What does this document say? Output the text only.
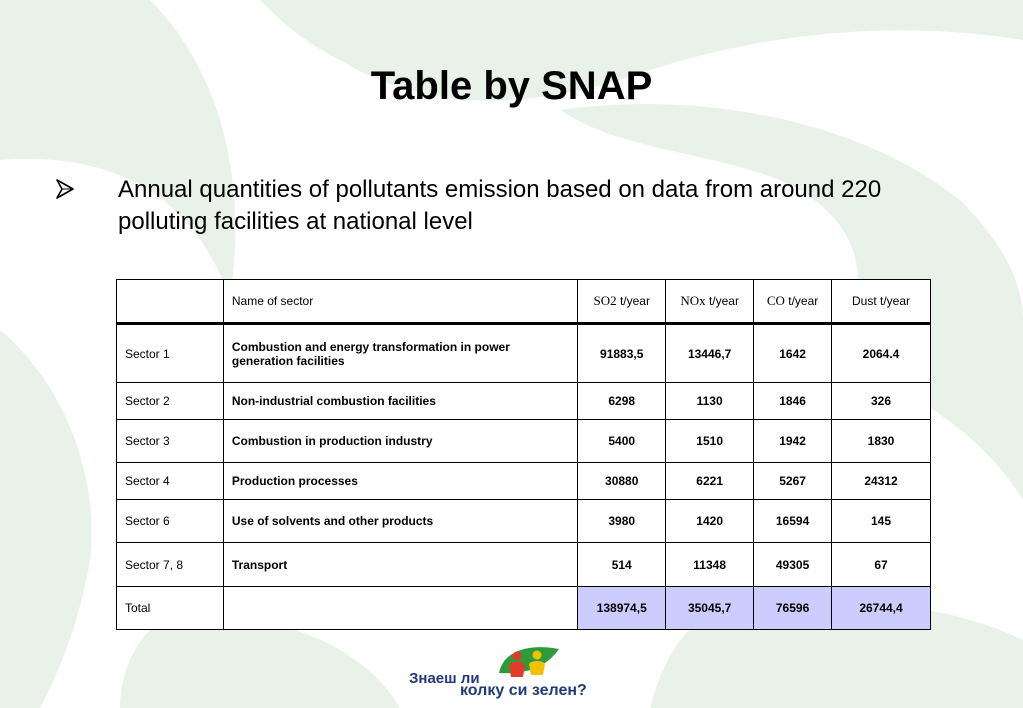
Table by SNAP
Annual quantities of pollutants emission based on data from around 220 polluting facilities at national level
	Name of sector	SO2 t/year	NOx t/year	CO t/year	Dust t/year
Sector 1	Combustion and energy transformation in power generation facilities	91883,5	13446,7	1642	2064.4
Sector 2	Non-industrial combustion facilities	6298	1130	1846	326
Sector 3	Combustion in production industry	5400	1510	1942	1830
Sector 4	Production processes	30880	6221	5267	24312
Sector 6	Use of solvents and other products	3980	1420	16594	145
Sector 7, 8	Transport	514	11348	49305	67
Total		138974,5	35045,7	76596	26744,4
Знаеш ли
колку си зелен?
